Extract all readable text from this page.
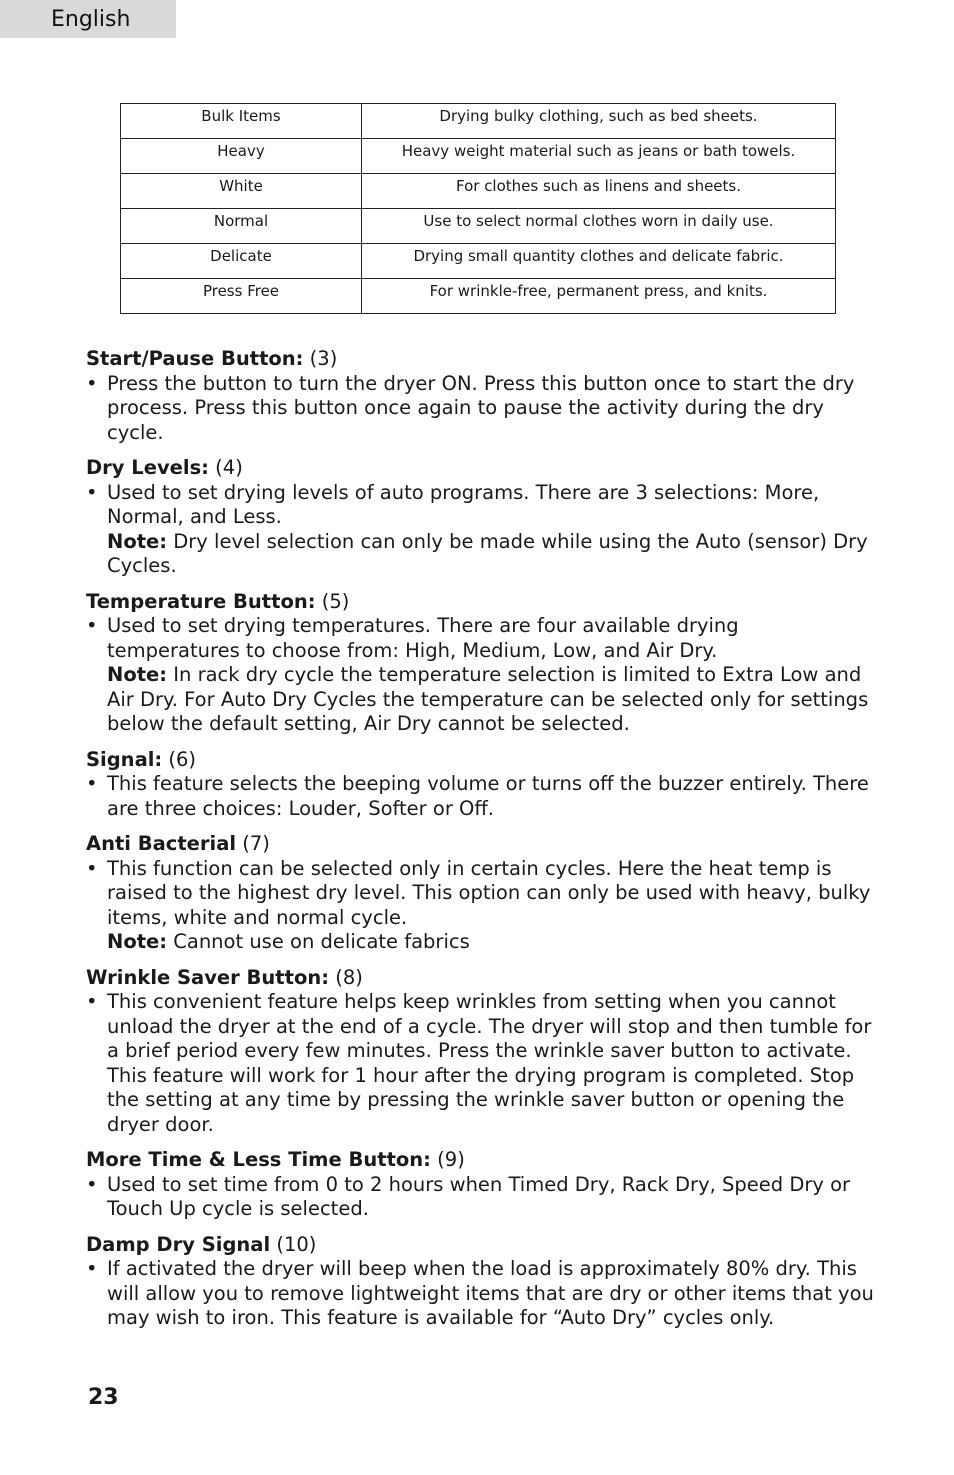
English
Bulk Items	Drying bulky clothing, such as bed sheets.
Heavy	Heavy weight material such as jeans or bath towels.
White	For clothes such as linens and sheets.
Normal	Use to select normal clothes worn in daily use.
Delicate	Drying small quantity clothes and delicate fabric.
Press Free	For wrinkle-free, permanent press, and knits.

Start/Pause Button: (3)

• Press the button to turn the dryer ON. Press this button once to start the dry process. Press this button once again to pause the activity during the dry cycle.

Dry Levels: (4)

• Used to set drying levels of auto programs. There are 3 selections: More, Normal, and Less.

Note: Dry level selection can only be made while using the Auto (sensor) Dry Cycles.

Temperature Button: (5)

• Used to set drying temperatures. There are four available drying temperatures to choose from: High, Medium, Low, and Air Dry.

Note: In rack dry cycle the temperature selection is limited to Extra Low and Air Dry. For Auto Dry Cycles the temperature can be selected only for settings below the default setting, Air Dry cannot be selected.

Signal: (6)

• This feature selects the beeping volume or turns off the buzzer entirely. There are three choices: Louder, Softer or Off.

Anti Bacterial (7)

• This function can be selected only in certain cycles. Here the heat temp is raised to the highest dry level. This option can only be used with heavy, bulky items, white and normal cycle.

Note: Cannot use on delicate fabrics

Wrinkle Saver Button: (8)

• This convenient feature helps keep wrinkles from setting when you cannot unload the dryer at the end of a cycle. The dryer will stop and then tumble for a brief period every few minutes. Press the wrinkle saver button to activate. This feature will work for 1 hour after the drying program is completed. Stop the setting at any time by pressing the wrinkle saver button or opening the dryer door.

More Time & Less Time Button: (9)

• Used to set time from 0 to 2 hours when Timed Dry, Rack Dry, Speed Dry or Touch Up cycle is selected.

Damp Dry Signal (10)

• If activated the dryer will beep when the load is approximately 80% dry. This will allow you to remove lightweight items that are dry or other items that you may wish to iron. This feature is available for “Auto Dry” cycles only.

23
